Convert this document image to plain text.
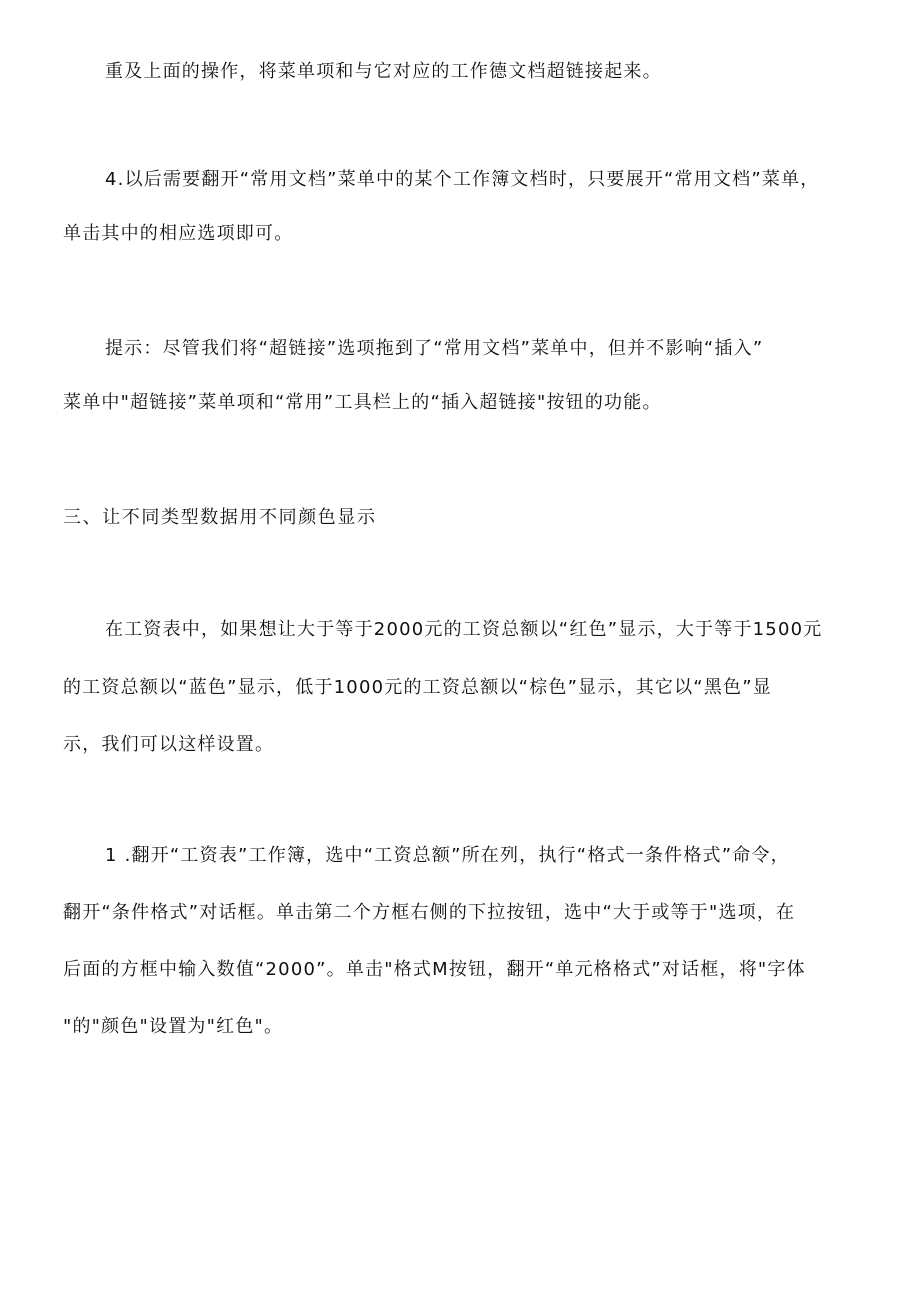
重及上面的操作，将菜单项和与它对应的工作德文档超链接起来。
4.以后需要翻开“常用文档”菜单中的某个工作簿文档时，只要展开“常用文档”菜单，
单击其中的相应选项即可。
提示：尽管我们将“超链接”选项拖到了“常用文档”菜单中，但并不影响“插入”
菜单中"超链接”菜单项和“常用”工具栏上的“插入超链接"按钮的功能。
三、让不同类型数据用不同颜色显示
在工资表中，如果想让大于等于2000元的工资总额以“红色”显示，大于等于1500元
的工资总额以“蓝色”显示，低于1000元的工资总额以“棕色”显示，其它以“黑色”显
示，我们可以这样设置。
1 .翻开“工资表”工作簿，选中“工资总额”所在列，执行“格式一条件格式”命令，
翻开“条件格式”对话框。单击第二个方框右侧的下拉按钮，选中“大于或等于"选项，在
后面的方框中输入数值“2000”。单击"格式M按钮，翻开“单元格格式”对话框，将"字体
"的"颜色"设置为"红色"。
